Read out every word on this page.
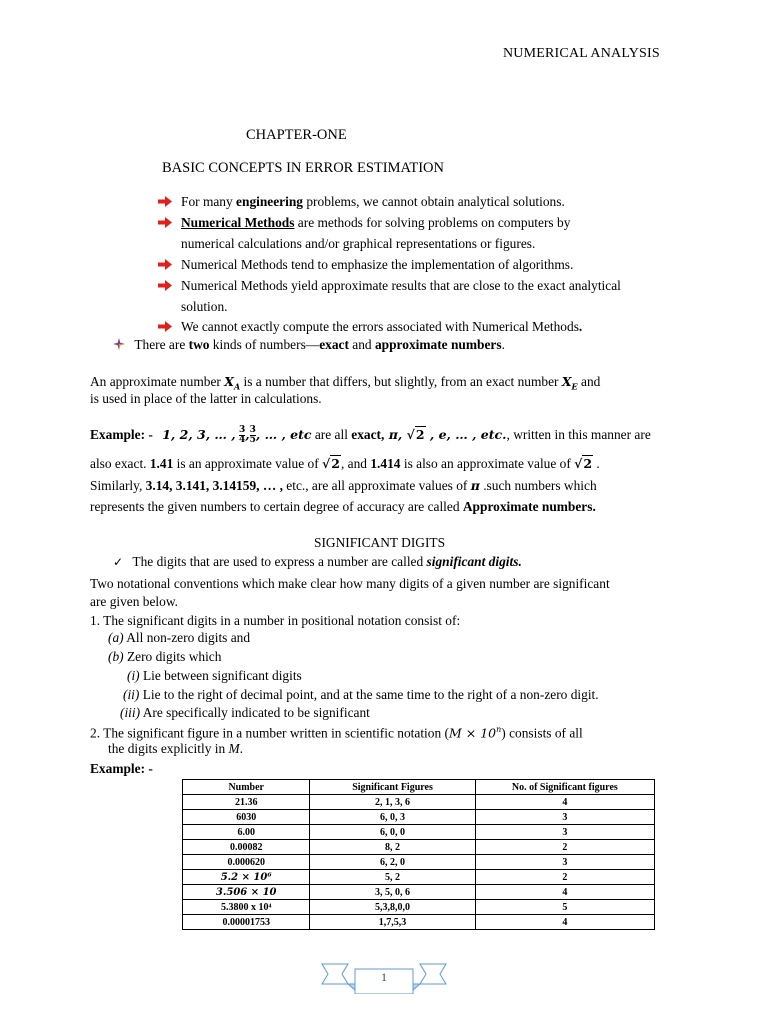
NUMERICAL ANALYSIS
CHAPTER-ONE
BASIC CONCEPTS IN ERROR ESTIMATION
For many engineering problems, we cannot obtain analytical solutions.
Numerical Methods are methods for solving problems on computers by
numerical calculations and/or graphical representations or figures.
Numerical Methods tend to emphasize the implementation of algorithms.
Numerical Methods yield approximate results that are close to the exact analytical
solution.
We cannot exactly compute the errors associated with Numerical Methods.
There are two kinds of numbers—exact and approximate numbers.
An approximate number $X_A$ is a number that differs, but slightly, from an exact number $X_E$ and
is used in place of the latter in calculations.
Example: - 1, 2, 3, … , $\frac{3}{4}$ , $\frac{3}{5}$ , … , etc are all exact, π, √2 , e, … , etc., written in this manner are
also exact. 1.41 is an approximate value of √2, and 1.414 is also an approximate value of √2 .
Similarly, 3.14, 3.141, 3.14159, … , etc., are all approximate values of π .such numbers which
represents the given numbers to certain degree of accuracy are called Approximate numbers.
SIGNIFICANT DIGITS
✓ The digits that are used to express a number are called significant digits.
Two notational conventions which make clear how many digits of a given number are significant
are given below.
1. The significant digits in a number in positional notation consist of:
(a) All non-zero digits and
(b) Zero digits which
(i) Lie between significant digits
(ii) Lie to the right of decimal point, and at the same time to the right of a non-zero digit.
(iii) Are specifically indicated to be significant
2. The significant figure in a number written in scientific notation $(M \times 10^n)$ consists of all
the digits explicitly in M.
Example: -
Number	Significant Figures	No. of Significant figures
21.36	2, 1, 3, 6	4
6030	6, 0, 3	3
6.00	6, 0, 0	3
0.00082	8, 2	2
0.000620	6, 2, 0	3
5.2 × 10⁶	5, 2	2
3.506 × 10	3, 5, 0, 6	4
5.3800 x 10⁴	5,3,8,0,0	5
0.00001753	1,7,5,3	4
1
